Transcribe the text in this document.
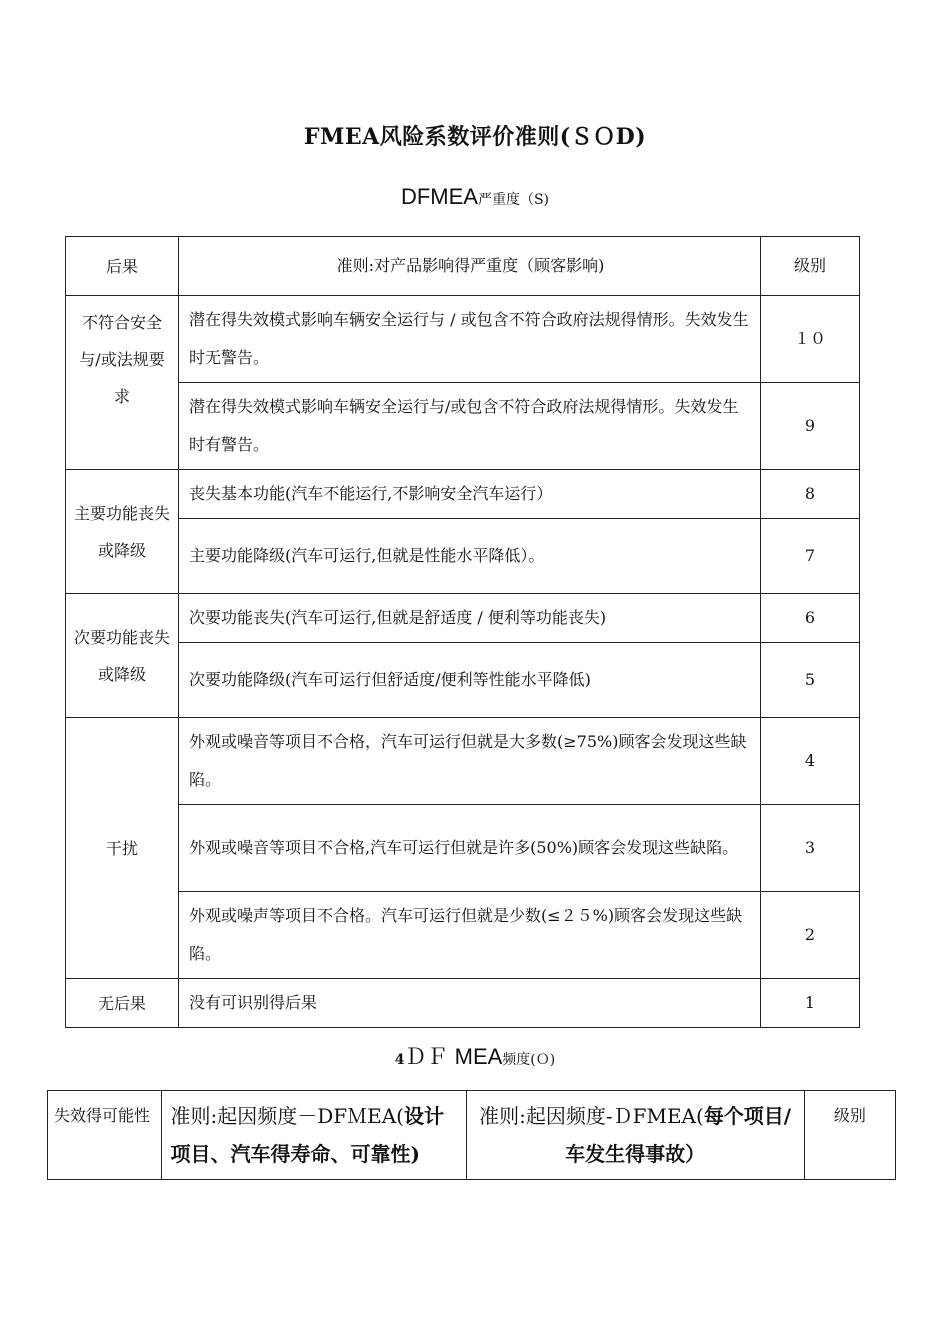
FMEA风险系数评价准则(ＳＯD)
DFMEA严重度（S)
后果	准则:对产品影响得严重度（顾客影响)	级别
不符合安全与/或法规要求	潜在得失效模式影响车辆安全运行与 / 或包含不符合政府法规得情形。失效发生时无警告。	１０
	潜在得失效模式影响车辆安全运行与/或包含不符合政府法规得情形。失效发生时有警告。	9
主要功能丧失或降级	丧失基本功能(汽车不能运行,不影响安全汽车运行）	8
	主要功能降级(汽车可运行,但就是性能水平降低）。	7
次要功能丧失或降级	次要功能丧失(汽车可运行,但就是舒适度 / 便利等功能丧失)	6
	次要功能降级(汽车可运行但舒适度/便利等性能水平降低)	5
干扰	外观或噪音等项目不合格，汽车可运行但就是大多数(≥75%)顾客会发现这些缺陷。	4
	外观或噪音等项目不合格,汽车可运行但就是许多(50%)顾客会发现这些缺陷。	3
	外观或噪声等项目不合格。汽车可运行但就是少数(≤２５%)顾客会发现这些缺陷。	2
无后果	没有可识别得后果	1
4ＤＦ MEA频度(Ｏ)
失效得可能性	准则:起因频度－DFＭEA(设计项目、汽车得寿命、可靠性)	准则:起因频度-ＤFMEA(每个项目/车发生得事故）	级别
